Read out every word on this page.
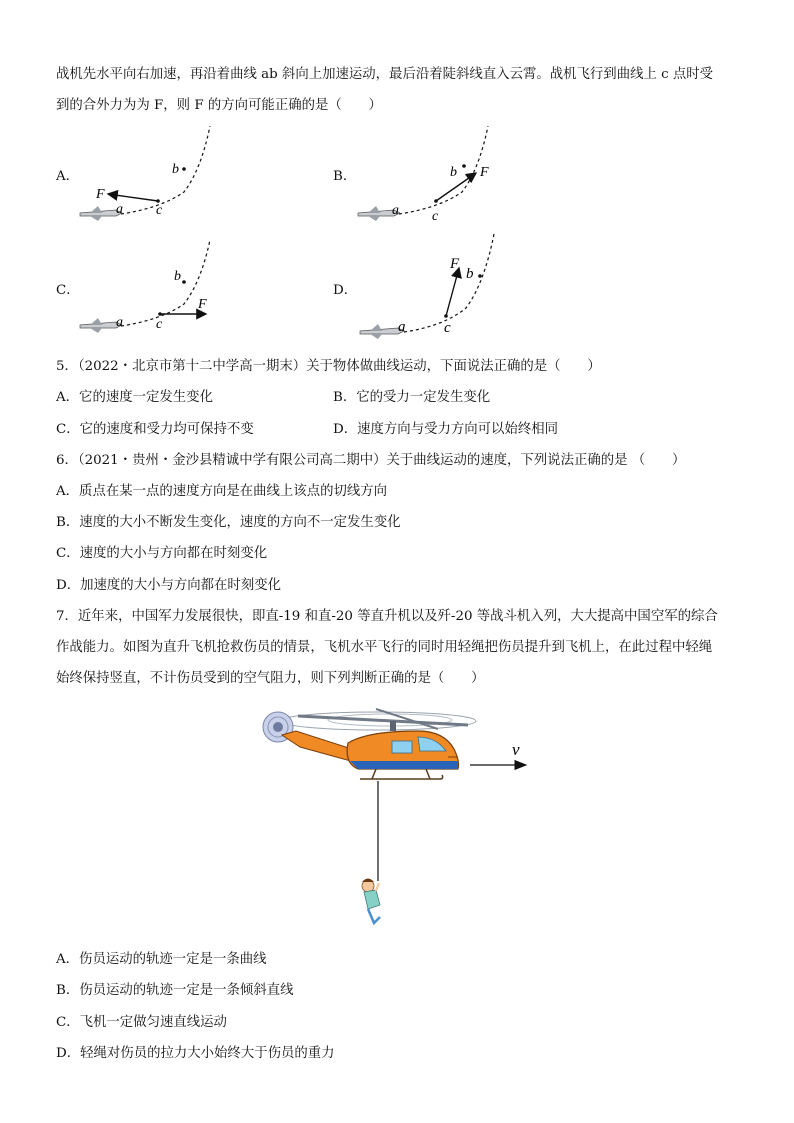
战机先水平向右加速，再沿着曲线 ab 斜向上加速运动，最后沿着陡斜线直入云霄。战机飞行到曲线上 c 点时受
到的合外力为为 F，则 F 的方向可能正确的是（　　）
A．
F
a
b
c
B．	F
a
b
c
C．
F
a
b
c
D．
F
a
b
c
5．（2022・北京市第十二中学高一期末）关于物体做曲线运动，下面说法正确的是（　　）
A．它的速度一定发生变化	B．它的受力一定发生变化
C．它的速度和受力均可保持不变	D．速度方向与受力方向可以始终相同
6．（2021・贵州・金沙县精诚中学有限公司高二期中）关于曲线运动的速度，下列说法正确的是 （　　）
A．质点在某一点的速度方向是在曲线上该点的切线方向
B．速度的大小不断发生变化，速度的方向不一定发生变化
C．速度的大小与方向都在时刻变化
D．加速度的大小与方向都在时刻变化
7．近年来，中国军力发展很快，即直-19 和直-20 等直升机以及歼-20 等战斗机入列，大大提高中国空军的综合
作战能力。如图为直升飞机抢救伤员的情景，飞机水平飞行的同时用轻绳把伤员提升到飞机上，在此过程中轻绳
始终保持竖直，不计伤员受到的空气阻力，则下列判断正确的是（　　）
v
A．伤员运动的轨迹一定是一条曲线
B．伤员运动的轨迹一定是一条倾斜直线
C．飞机一定做匀速直线运动
D．轻绳对伤员的拉力大小始终大于伤员的重力
